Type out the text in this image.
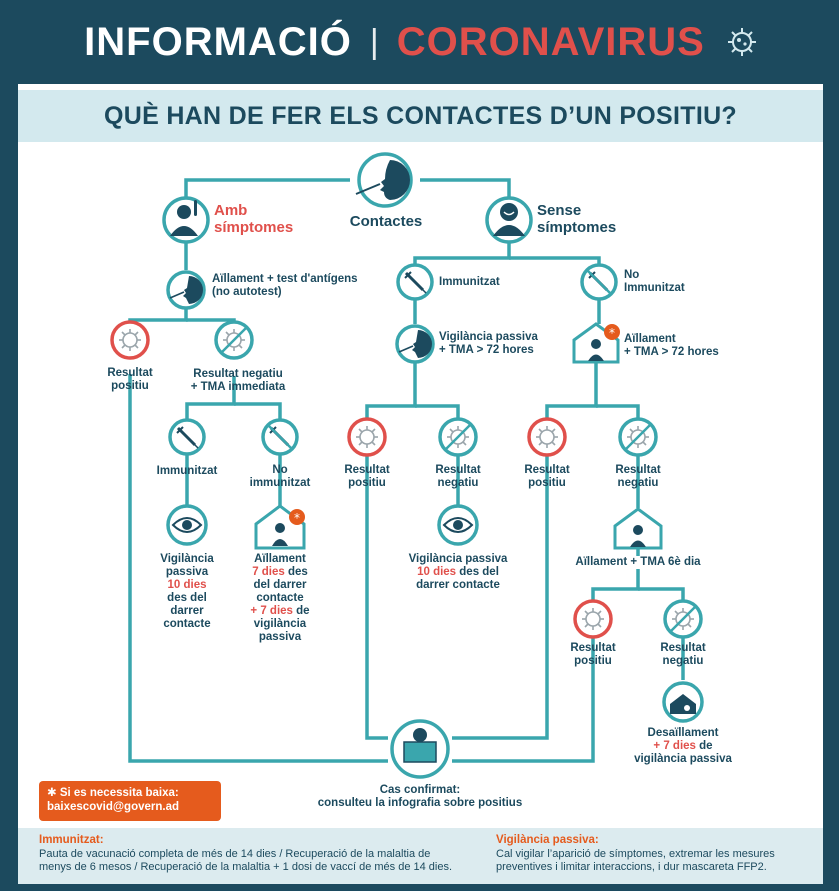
INFORMACIÓ | CORONAVIRUS
QUÈ HAN DE FER ELS CONTACTES D’UN POSITIU?
*
*
Contactes
Amb
símptomes
Sense
símptomes
Aïllament + test d'antígens
(no autotest)
Resultat
positiu
Resultat negatiu
+ TMA immediata
Immunitzat	No
immunitzat
Vigilància
passiva
10 dies
des del
darrer
contacte
Aïllament
7 dies des
del darrer
contacte
+ 7 dies de
vigilància
passiva
Immunitzat
No
Immunitzat
Vigilància passiva
+ TMA > 72 hores
Aïllament
+ TMA > 72 hores
Resultat
positiu
Resultat
negatiu
Vigilància passiva
10 dies des del
darrer contacte
Resultat
positiu
Resultat
negatiu
Aïllament + TMA 6è dia
Resultat
positiu
Resultat
negatiu
Desaïllament
+ 7 dies de
vigilància passiva
Cas confirmat:
consulteu la infografia sobre positius
✱ Si es necessita baixa:
baixescovid@govern.ad
Immunitzat:
Pauta de vacunació completa de més de 14 dies / Recuperació de la malaltia de
menys de 6 mesos / Recuperació de la malaltia + 1 dosi de vaccí de més de 14 dies.
Vigilància passiva:
Cal vigilar l’aparició de símptomes, extremar les mesures
preventives i limitar interaccions, i dur mascareta FFP2.
